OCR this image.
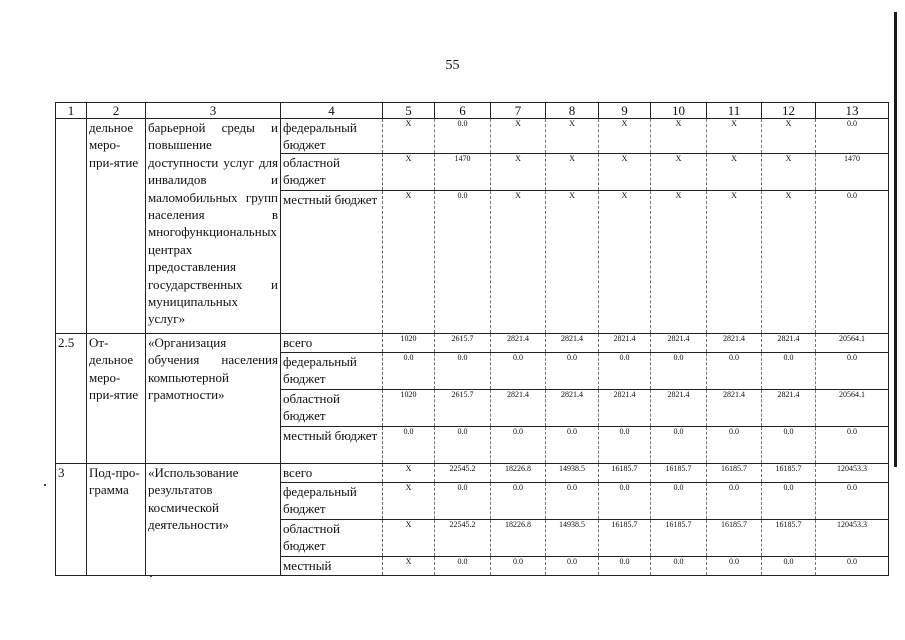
55
1	2	3	4	5	6	7	8	9	10	11	12	13
	дельное меро-при-ятие	барьерной среды и повышение доступности услуг для инвалидов и маломобильных групп населения в многофункциональных центрах предоставления государственных и муниципальных услуг»	федеральный бюджет	X	0.0	X	X	X	X	X	X	0.0
			областной бюджет	X	1470	X	X	X	X	X	X	1470
			местный бюджет	X	0.0	X	X	X	X	X	X	0.0
2.5	От-дельное меро-при-ятие	«Организация обучения населения компьютерной грамотности»	всего	1020	2615.7	2821.4	2821.4	2821.4	2821.4	2821.4	2821.4	20564.1
			федеральный бюджет	0.0	0.0	0.0	0.0	0.0	0.0	0.0	0.0	0.0
			областной бюджет	1020	2615.7	2821.4	2821.4	2821.4	2821.4	2821.4	2821.4	20564.1
			местный бюджет	0.0	0.0	0.0	0.0	0.0	0.0	0.0	0.0	0.0
3	Под-про-грамма	«Использование результатов космической деятельности»	всего	X	22545.2	18226.8	14938.5	16185.7	16185.7	16185.7	16185.7	120453.3
			федеральный бюджет	X	0.0	0.0	0.0	0.0	0.0	0.0	0.0	0.0
			областной бюджет	X	22545.2	18226.8	14938.5	16185.7	16185.7	16185.7	16185.7	120453.3
			местный	X	0.0	0.0	0.0	0.0	0.0	0.0	0.0	0.0
